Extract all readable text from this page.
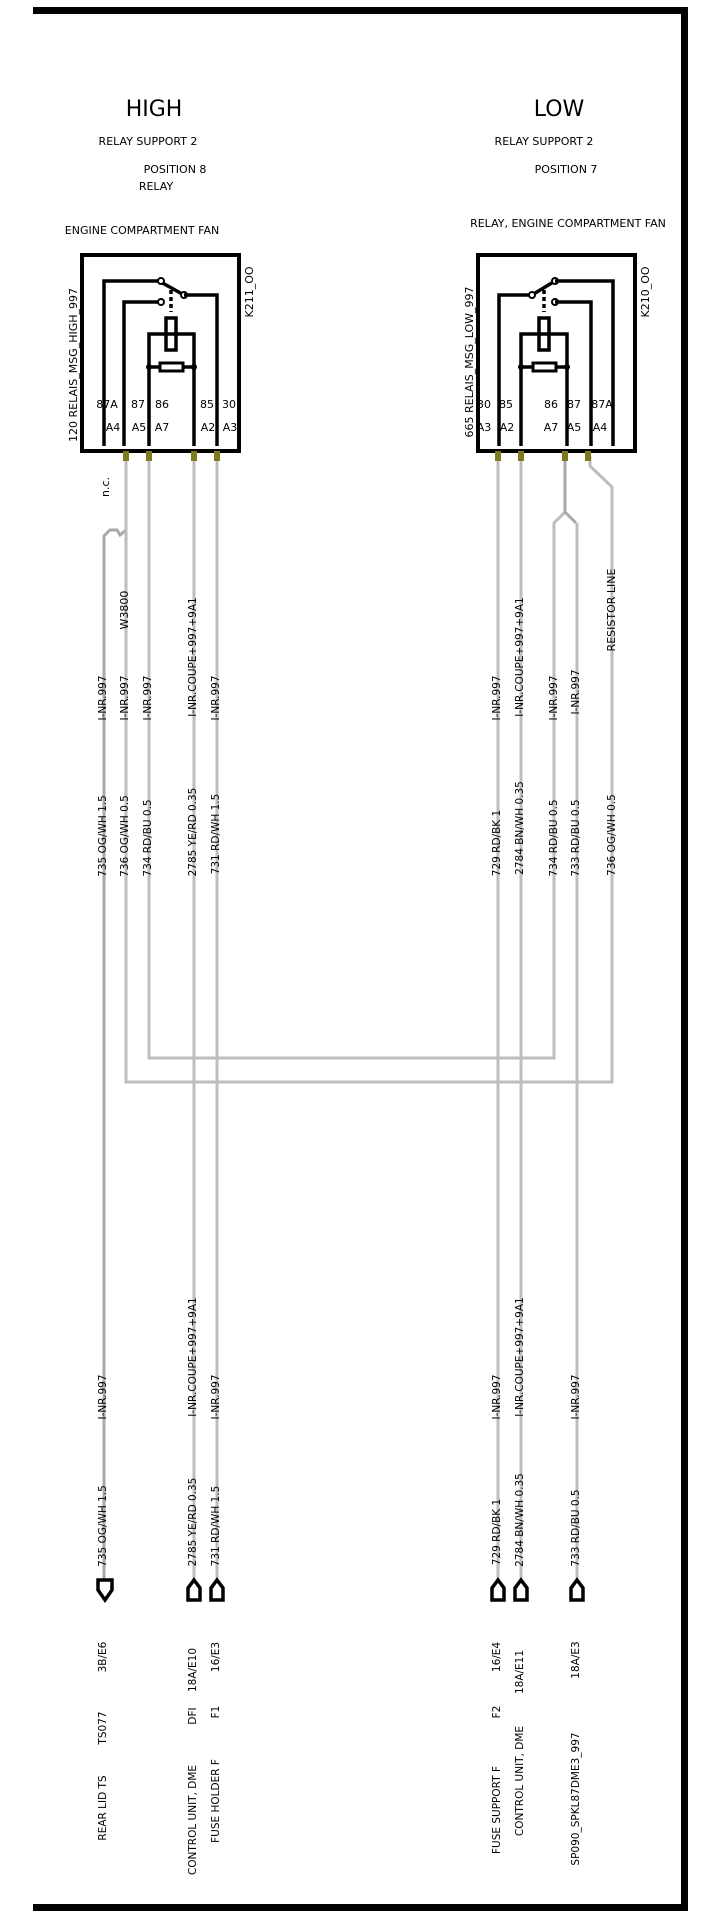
HIGH
RELAY SUPPORT 2
POSITION 8
RELAY
ENGINE COMPARTMENT FAN
K211_OO
120 RELAIS_MSG_HIGH_997 87A 87 86	85 30
A4 A5 A7	A2 A3
n.c.
LOW
RELAY SUPPORT 2
POSITION 7
RELAY, ENGINE COMPARTMENT FAN
K210_OO
665 RELAIS_MSG_LOW_997 30 85	86 87 87A
A3 A2	A7 A5 A4
W3800	RESISTOR LINE
I-NR.997 I-NR.997 I-NR.997	I-NR.COUPE+997+9A1 I-NR.997
735 OG/WH 1.5 736 OG/WH 0.5 734 RD/BU 0.5	2785 YE/RD 0.35 731 RD/WH 1.5
I-NR.997 I-NR.COUPE+997+9A1 I-NR.997 I-NR.997
729 RD/BK 1 2784 BN/WH 0.35 734 RD/BU 0.5 733 RD/BU 0.5 736 OG/WH 0.5
I-NR.997	I-NR.COUPE+997+9A1 I-NR.997	I-NR.997 I-NR.COUPE+997+9A1	I-NR.997
735 OG/WH 1.5	2785 YE/RD 0.35 731 RD/WH 1.5	729 RD/BK 1 2784 BN/WH 0.35	733 RD/BU 0.5
3B/E6	18A/E10 16/E3	16/E4 18A/E11	18A/E3
TS077	DFI F1	F2
REAR LID TS	CONTROL UNIT, DME FUSE HOLDER F	FUSE SUPPORT F CONTROL UNIT, DME	SP090_SPKL87DME3_997
